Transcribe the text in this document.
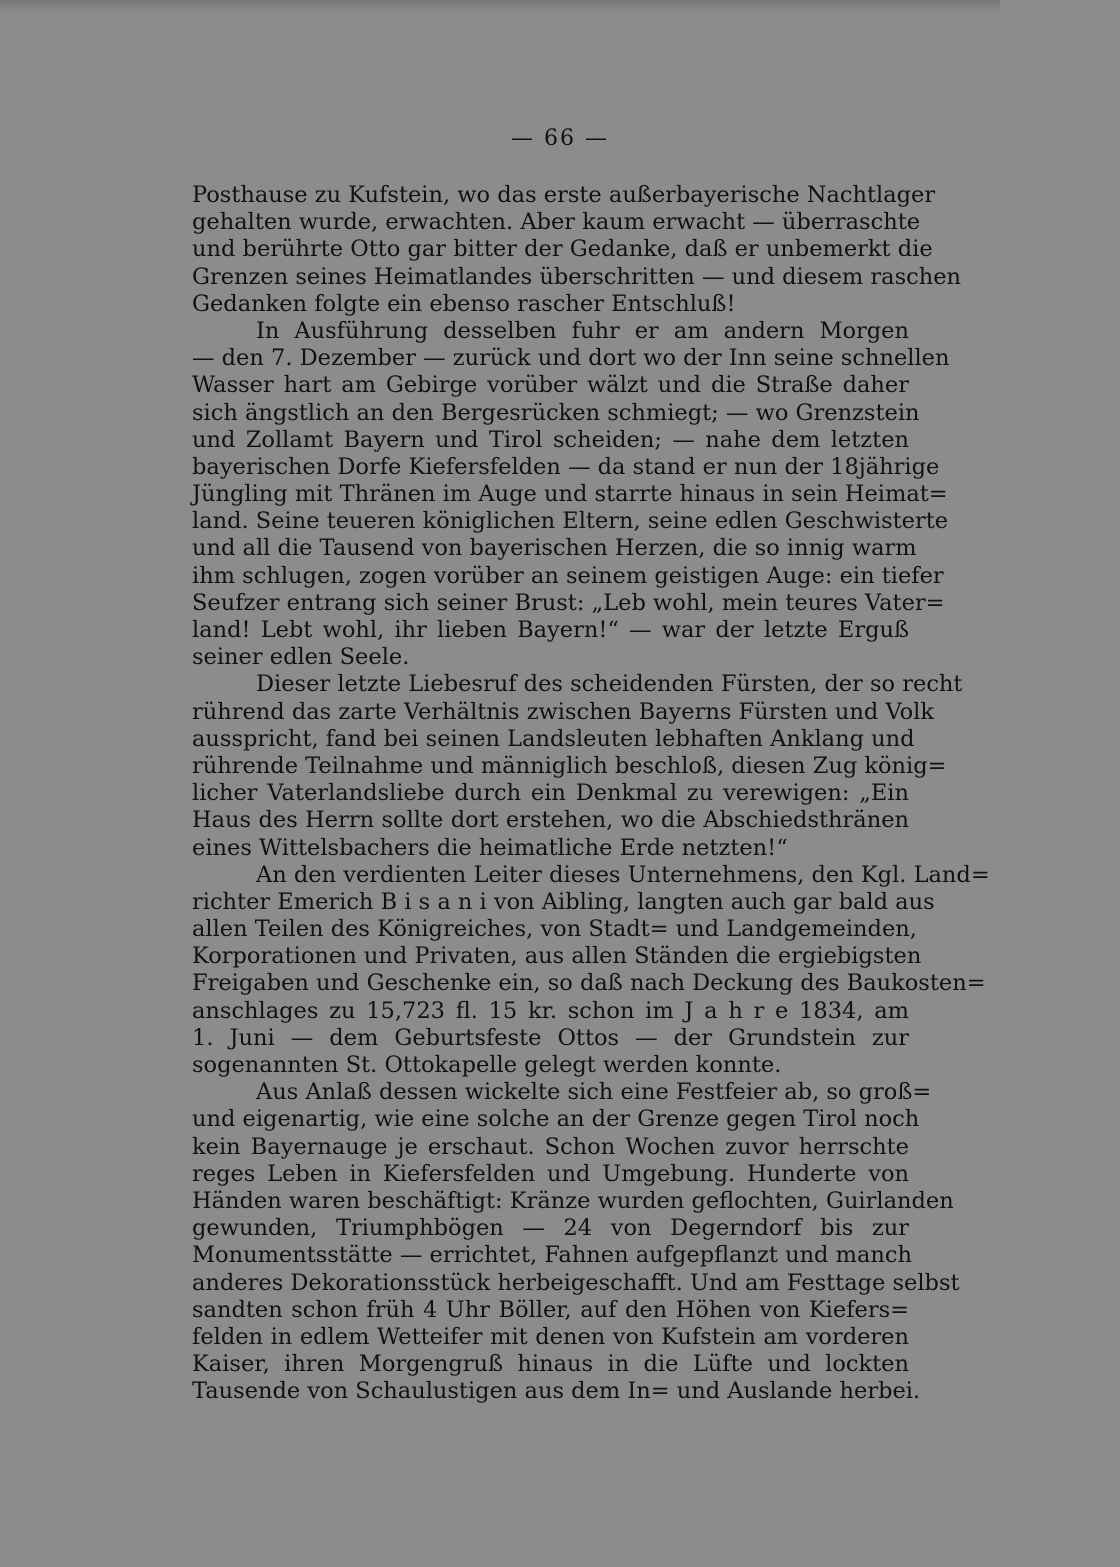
— 66 —
Posthause zu Kufstein, wo das erste außerbayerische Nachtlager
gehalten wurde, erwachten. Aber kaum erwacht — überraschte
und berührte Otto gar bitter der Gedanke, daß er unbemerkt die
Grenzen seines Heimatlandes überschritten — und diesem raschen
Gedanken folgte ein ebenso rascher Entschluß!
In Ausführung desselben fuhr er am andern Morgen
— den 7. Dezember — zurück und dort wo der Inn seine schnellen
Wasser hart am Gebirge vorüber wälzt und die Straße daher
sich ängstlich an den Bergesrücken schmiegt; — wo Grenzstein
und Zollamt Bayern und Tirol scheiden; — nahe dem letzten
bayerischen Dorfe Kiefersfelden — da stand er nun der 18jährige
Jüngling mit Thränen im Auge und starrte hinaus in sein Heimat=
land. Seine teueren königlichen Eltern, seine edlen Geschwisterte
und all die Tausend von bayerischen Herzen, die so innig warm
ihm schlugen, zogen vorüber an seinem geistigen Auge: ein tiefer
Seufzer entrang sich seiner Brust: „Leb wohl, mein teures Vater=
land! Lebt wohl, ihr lieben Bayern!“ — war der letzte Erguß
seiner edlen Seele.
Dieser letzte Liebesruf des scheidenden Fürsten, der so recht
rührend das zarte Verhältnis zwischen Bayerns Fürsten und Volk
ausspricht, fand bei seinen Landsleuten lebhaften Anklang und
rührende Teilnahme und männiglich beschloß, diesen Zug könig=
licher Vaterlandsliebe durch ein Denkmal zu verewigen: „Ein
Haus des Herrn sollte dort erstehen, wo die Abschiedsthränen
eines Wittelsbachers die heimatliche Erde netzten!“
An den verdienten Leiter dieses Unternehmens, den Kgl. Land=
richter Emerich B i s a n i von Aibling, langten auch gar bald aus
allen Teilen des Königreiches, von Stadt= und Landgemeinden,
Korporationen und Privaten, aus allen Ständen die ergiebigsten
Freigaben und Geschenke ein, so daß nach Deckung des Baukosten=
anschlages zu 15,723 fl. 15 kr. schon im J a h r e 1834, am
1. Juni — dem Geburtsfeste Ottos — der Grundstein zur
sogenannten St. Ottokapelle gelegt werden konnte.
Aus Anlaß dessen wickelte sich eine Festfeier ab, so groß=
und eigenartig, wie eine solche an der Grenze gegen Tirol noch
kein Bayernauge je erschaut. Schon Wochen zuvor herrschte
reges Leben in Kiefersfelden und Umgebung. Hunderte von
Händen waren beschäftigt: Kränze wurden geflochten, Guirlanden
gewunden, Triumphbögen — 24 von Degerndorf bis zur
Monumentsstätte — errichtet, Fahnen aufgepflanzt und manch
anderes Dekorationsstück herbeigeschafft. Und am Festtage selbst
sandten schon früh 4 Uhr Böller, auf den Höhen von Kiefers=
felden in edlem Wetteifer mit denen von Kufstein am vorderen
Kaiser, ihren Morgengruß hinaus in die Lüfte und lockten
Tausende von Schaulustigen aus dem In= und Auslande herbei.
